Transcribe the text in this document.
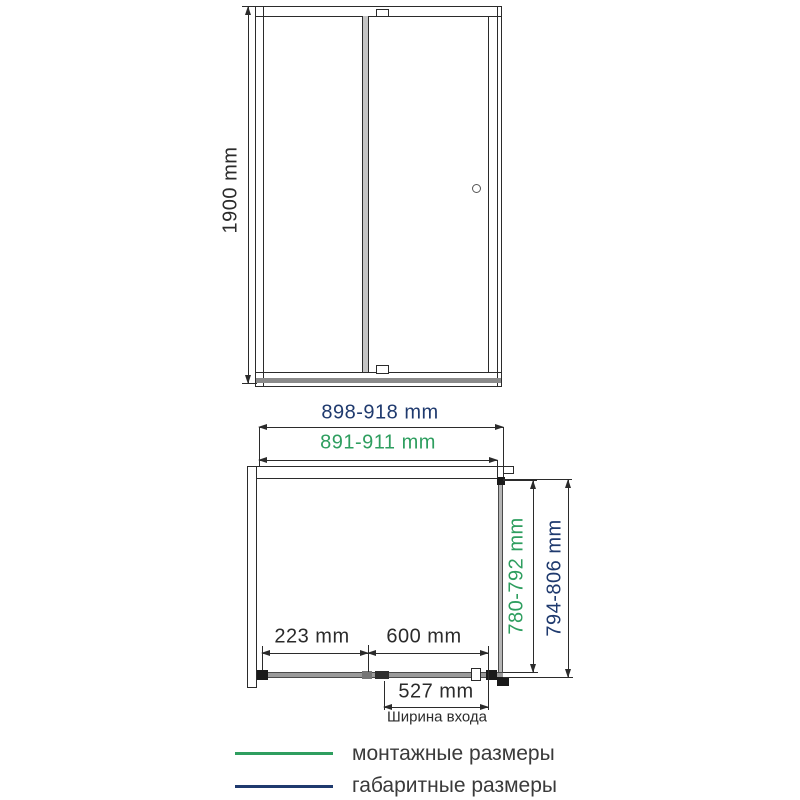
1900 mm
898-918 mm
891-911 mm
223 mm 600 mm
527 mm
Ширина входа
780-792 mm 794-806 mm
монтажные размеры
габаритные размеры
